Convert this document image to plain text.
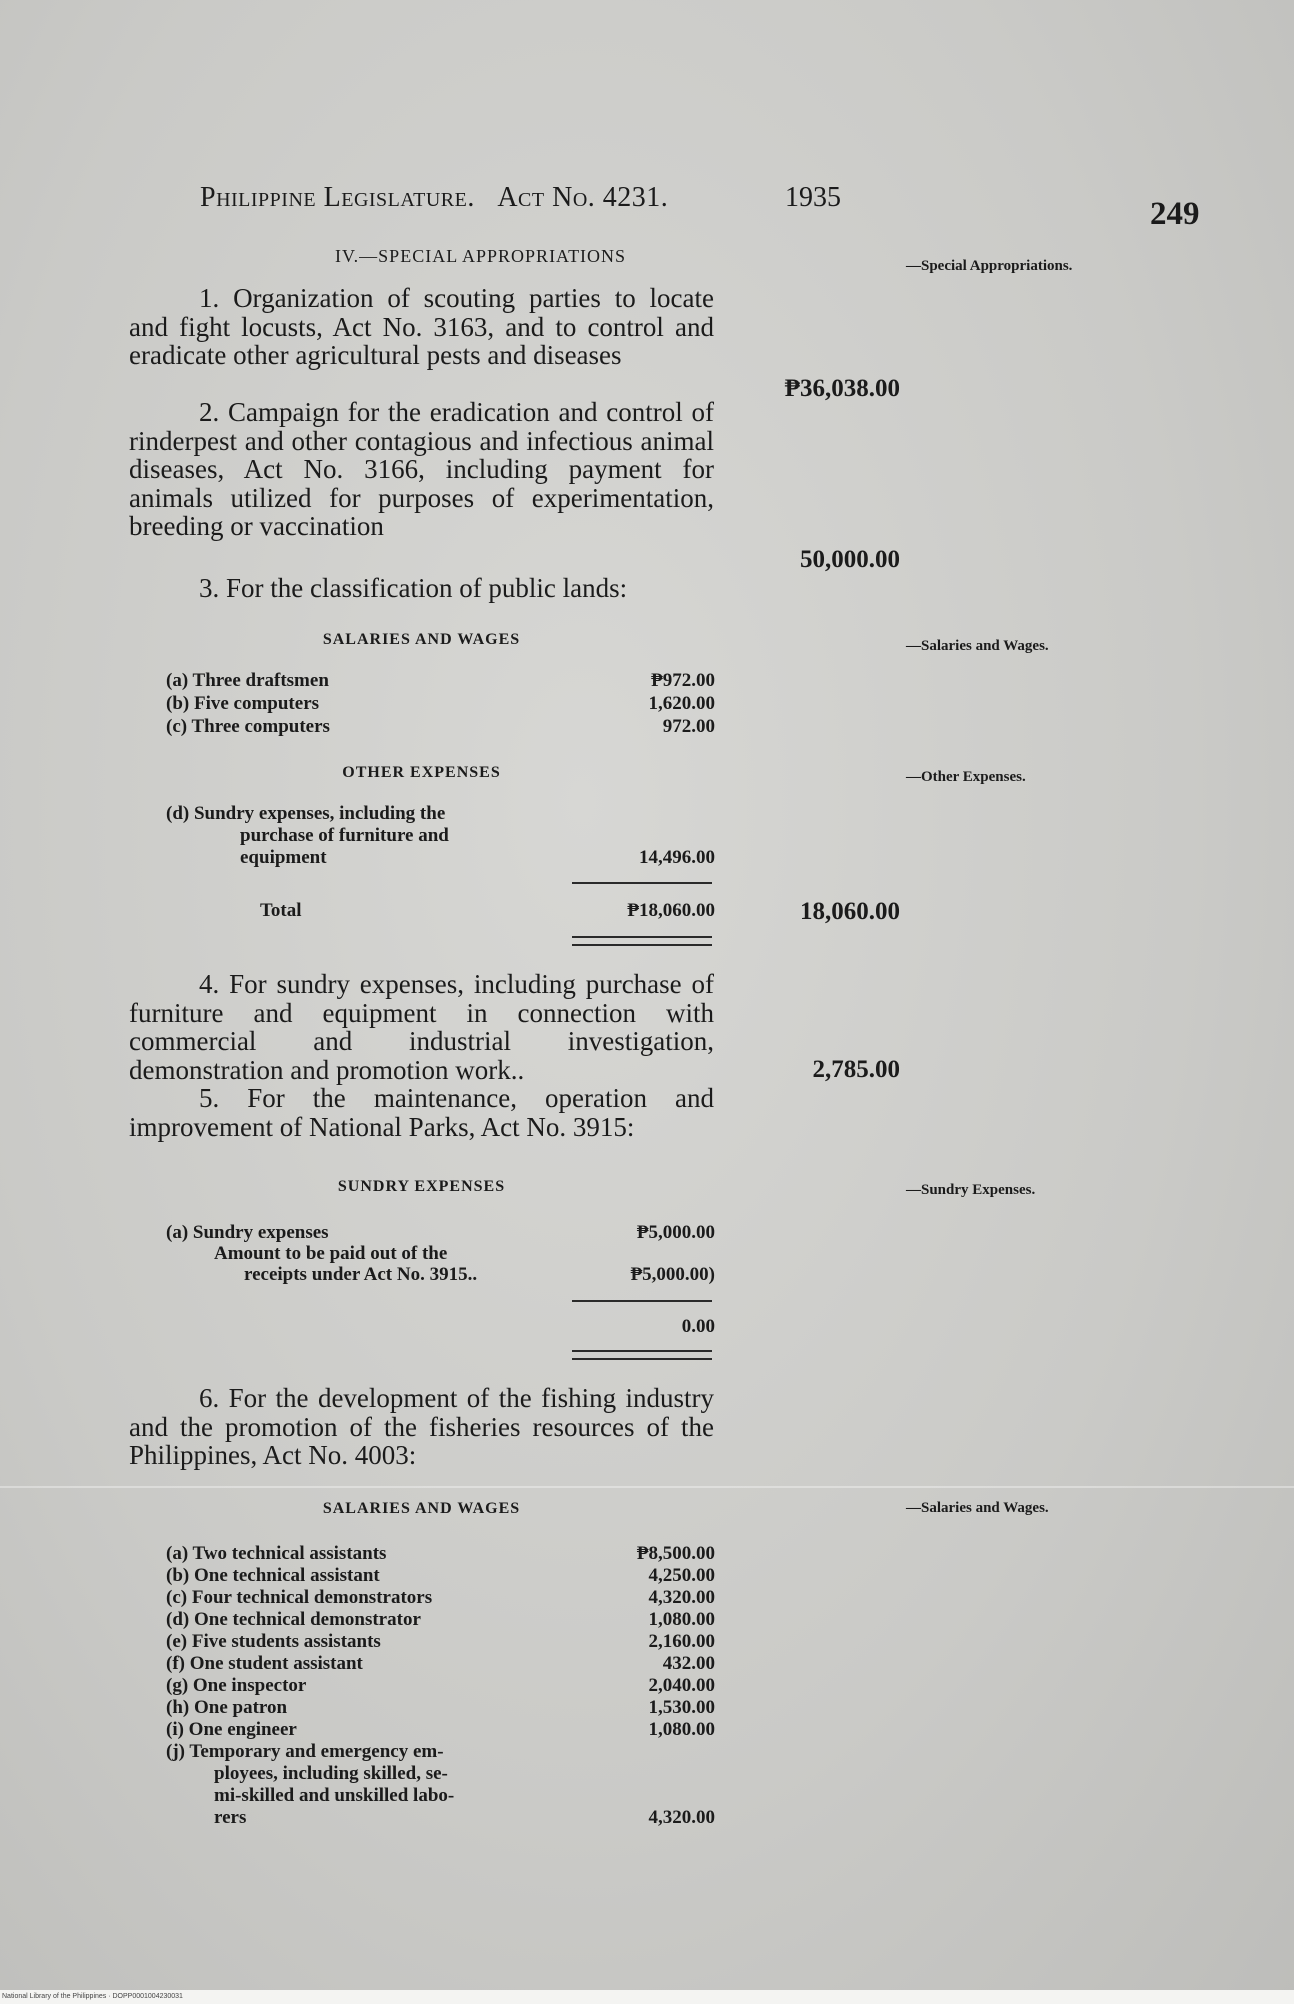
Philippine Legislature. Act No. 4231.	1935	249
IV.—SPECIAL APPROPRIATIONS	—Special Appropriations.
1. Organization of scouting parties to locate and fight locusts, Act No. 3163, and to control and eradicate other agricultural pests and diseases
₱36,038.00
2. Campaign for the eradication and control of rinderpest and other contagious and infectious animal diseases, Act No. 3166, including payment for animals utilized for purposes of experimentation, breeding or vaccination
50,000.00
3. For the classification of public lands:
SALARIES AND WAGES	—Salaries and Wages.
(a) Three draftsmen	₱972.00
(b) Five computers	1,620.00
(c) Three computers	972.00
OTHER EXPENSES	—Other Expenses.
(d) Sundry expenses, including the
purchase of furniture and
equipment	14,496.00
Total	₱18,060.00	18,060.00
4. For sundry expenses, including purchase of furniture and equipment in connection with commercial and industrial investigation, demonstration and promotion work..	2,785.00
5. For the maintenance, operation and improvement of National Parks, Act No. 3915:
SUNDRY EXPENSES	—Sundry Expenses.
(a) Sundry expenses	₱5,000.00
Amount to be paid out of the
receipts under Act No. 3915..	₱5,000.00)
0.00
6. For the development of the fishing industry and the promotion of the fisheries resources of the Philippines, Act No. 4003:
SALARIES AND WAGES	—Salaries and Wages.
(a) Two technical assistants	₱8,500.00
(b) One technical assistant	4,250.00
(c) Four technical demonstrators	4,320.00
(d) One technical demonstrator	1,080.00
(e) Five students assistants	2,160.00
(f) One student assistant	432.00
(g) One inspector	2,040.00
(h) One patron	1,530.00
(i) One engineer	1,080.00
(j) Temporary and emergency em-
ployees, including skilled, se-
mi-skilled and unskilled labo-
rers	4,320.00
National Library of the Philippines · DOPP0001004230031
